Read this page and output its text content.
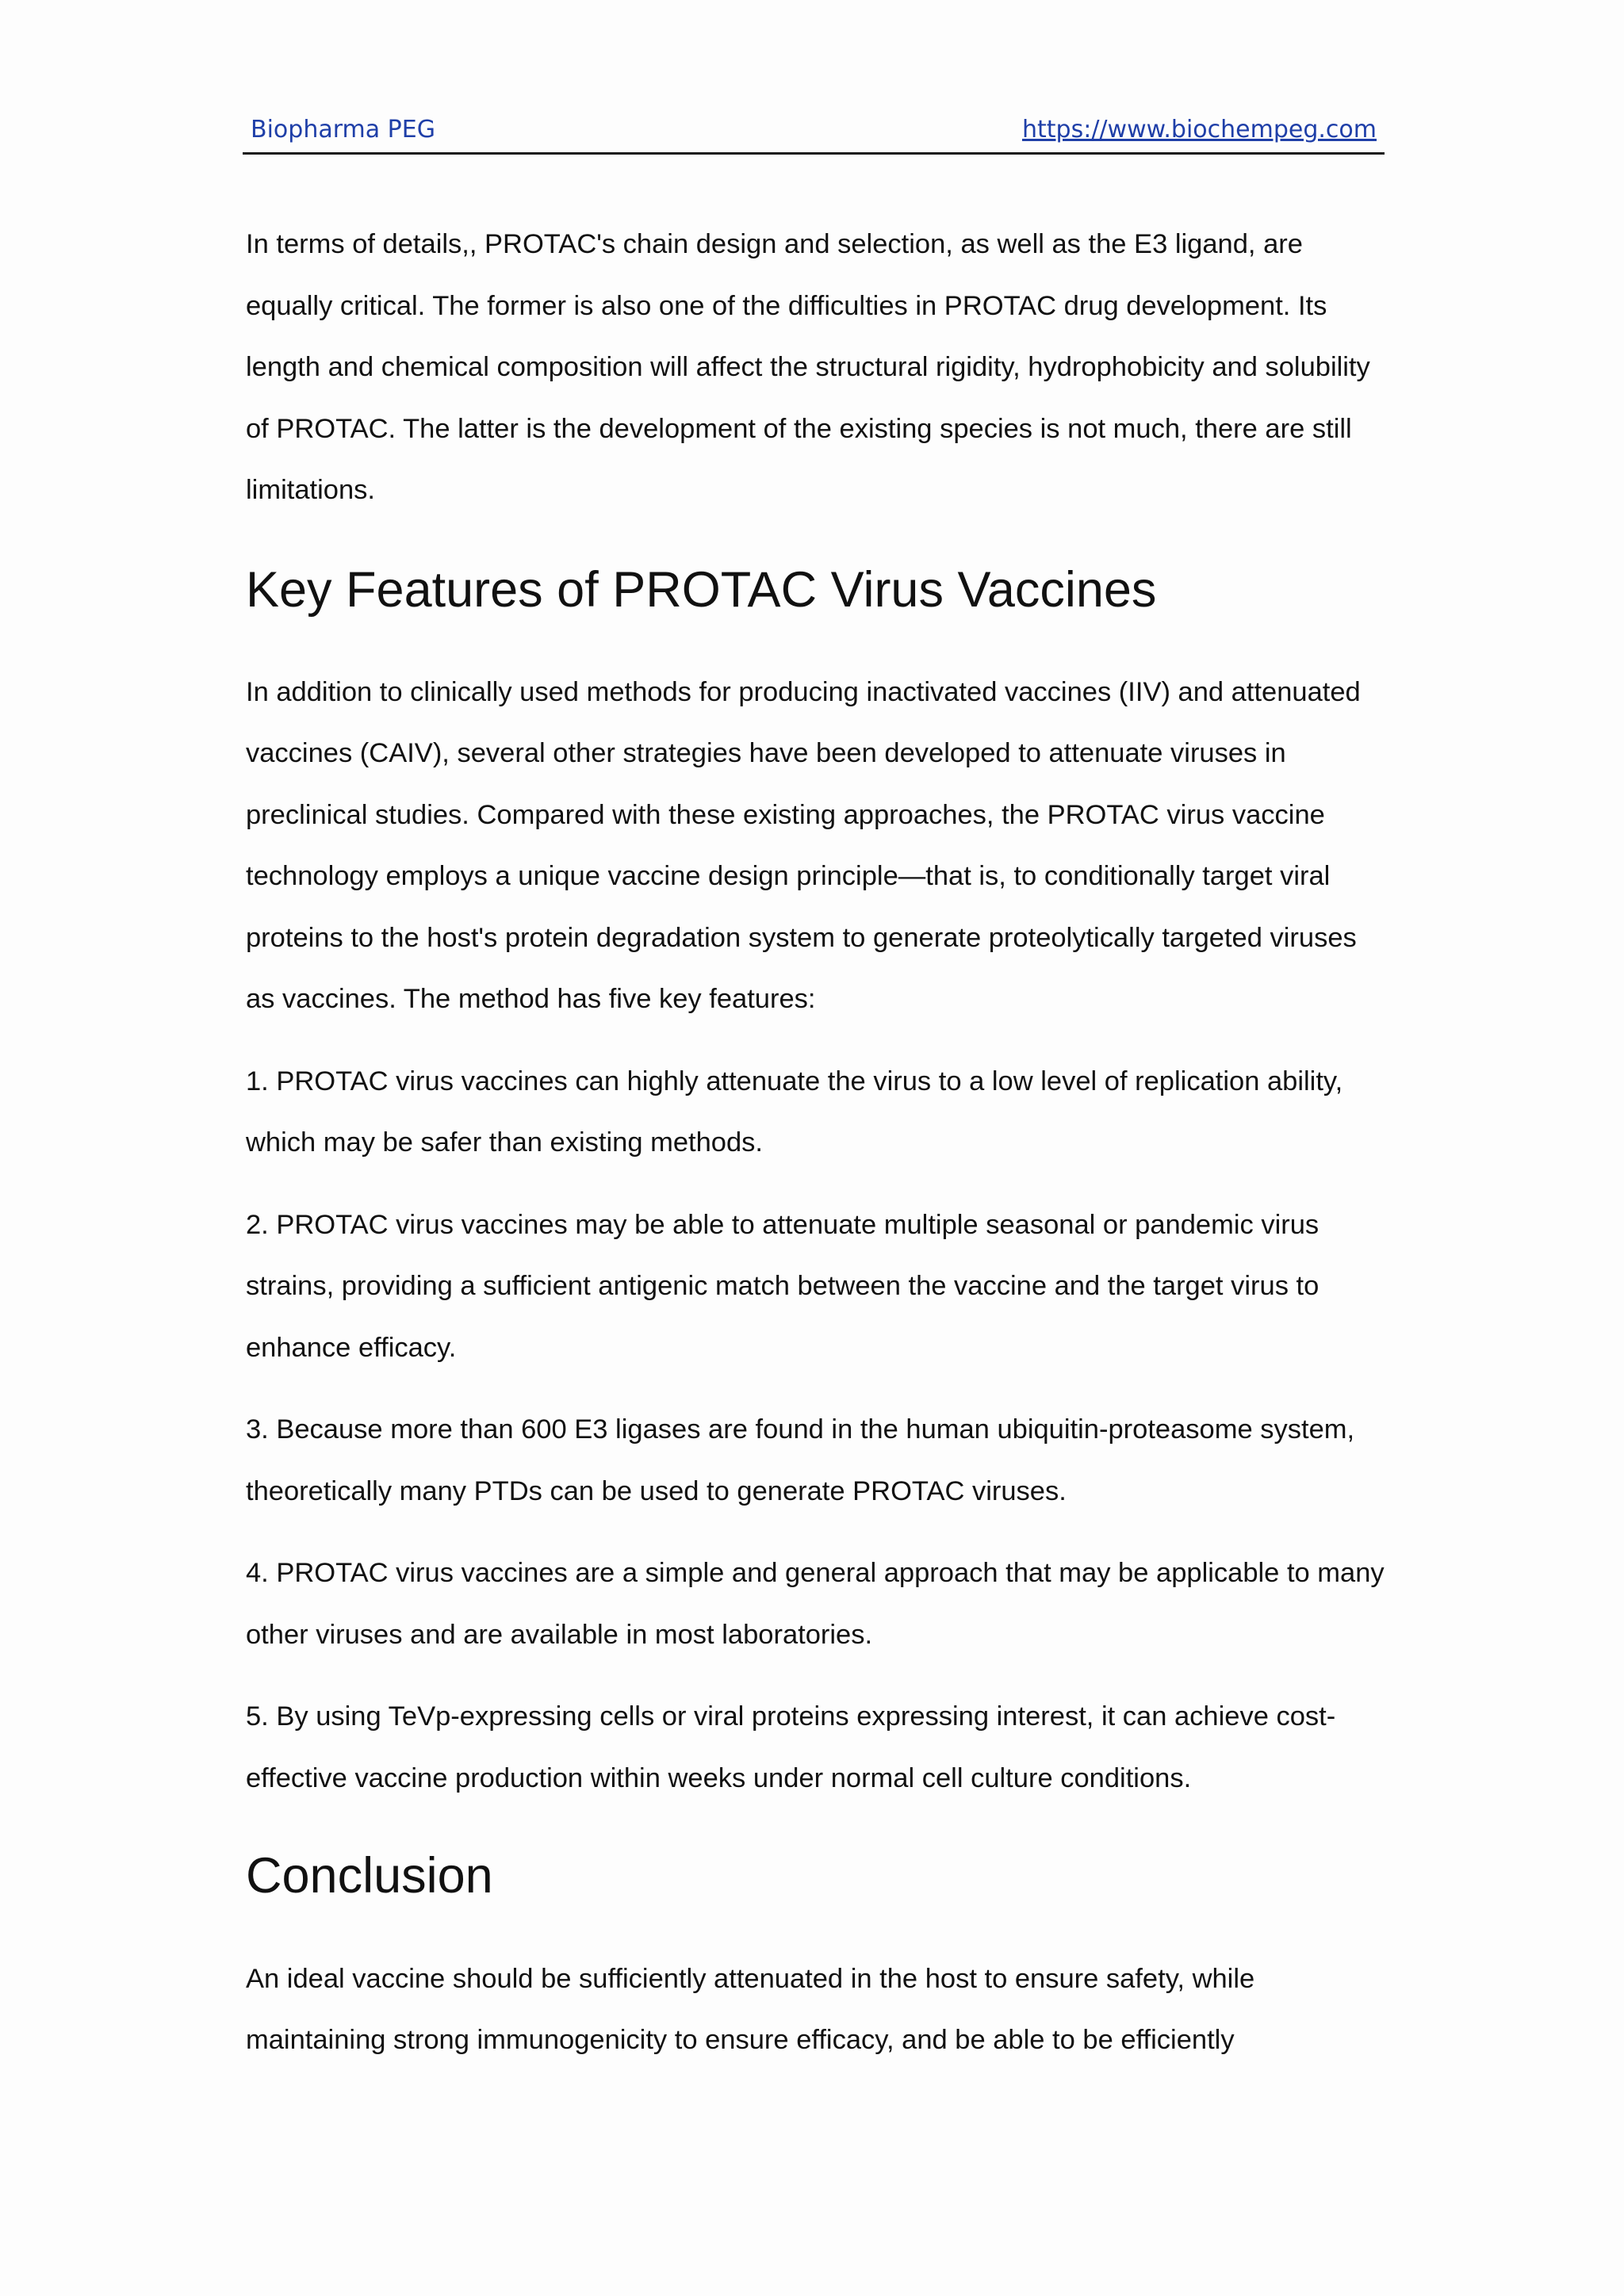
Biopharma PEG	https://www.biochempeg.com

In terms of details,, PROTAC's chain design and selection, as well as the E3 ligand, are equally critical. The former is also one of the difficulties in PROTAC drug development. Its length and chemical composition will affect the structural rigidity, hydrophobicity and solubility of PROTAC. The latter is the development of the existing species is not much, there are still limitations.

Key Features of PROTAC Virus Vaccines

In addition to clinically used methods for producing inactivated vaccines (IIV) and attenuated vaccines (CAIV), several other strategies have been developed to attenuate viruses in preclinical studies. Compared with these existing approaches, the PROTAC virus vaccine technology employs a unique vaccine design principle—that is, to conditionally target viral proteins to the host's protein degradation system to generate proteolytically targeted viruses as vaccines. The method has five key features:

1. PROTAC virus vaccines can highly attenuate the virus to a low level of replication ability, which may be safer than existing methods.

2. PROTAC virus vaccines may be able to attenuate multiple seasonal or pandemic virus strains, providing a sufficient antigenic match between the vaccine and the target virus to enhance efficacy.

3. Because more than 600 E3 ligases are found in the human ubiquitin-proteasome system, theoretically many PTDs can be used to generate PROTAC viruses.

4. PROTAC virus vaccines are a simple and general approach that may be applicable to many other viruses and are available in most laboratories.

5. By using TeVp-expressing cells or viral proteins expressing interest, it can achieve cost-effective vaccine production within weeks under normal cell culture conditions.

Conclusion

An ideal vaccine should be sufficiently attenuated in the host to ensure safety, while maintaining strong immunogenicity to ensure efficacy, and be able to be efficiently
